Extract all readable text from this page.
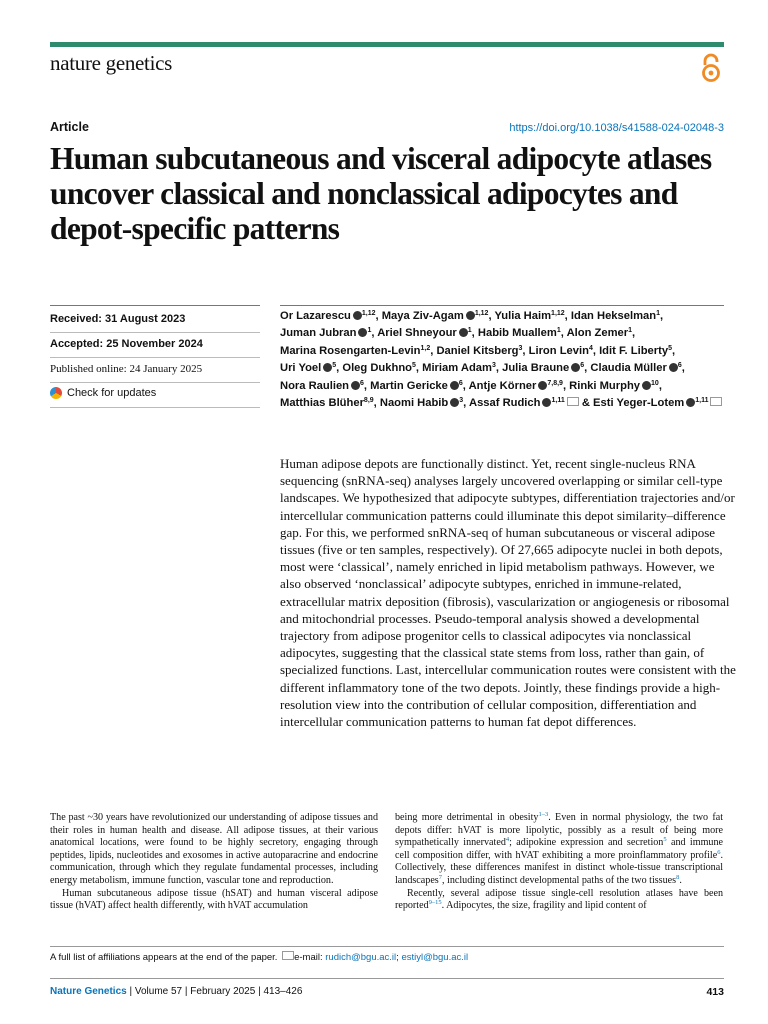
nature genetics
Article	https://doi.org/10.1038/s41588-024-02048-3
Human subcutaneous and visceral adipocyte atlases uncover classical and nonclassical adipocytes and depot-specific patterns
Received: 31 August 2023
Accepted: 25 November 2024
Published online: 24 January 2025
Check for updates
Or Lazarescu $^{1,12}$, Maya Ziv-Agam $^{1,12}$, Yulia Haim$^{1,12}$, Idan Hekselman$^1$, Juman Jubran $^1$, Ariel Shneyour $^1$, Habib Muallem$^1$, Alon Zemer$^1$, Marina Rosengarten-Levin$^{1,2}$, Daniel Kitsberg$^3$, Liron Levin$^4$, Idit F. Liberty$^5$, Uri Yoel $^5$, Oleg Dukhno$^5$, Miriam Adam$^3$, Julia Braune $^6$, Claudia Müller $^6$, Nora Raulien $^6$, Martin Gericke $^6$, Antje Körner $^{7,8,9}$, Rinki Murphy $^{10}$, Matthias Blüher$^{8,9}$, Naomi Habib $^3$, Assaf Rudich $^{1,11}$ & Esti Yeger-Lotem $^{1,11}$

Human adipose depots are functionally distinct. Yet, recent single-nucleus RNA sequencing (snRNA-seq) analyses largely uncovered overlapping or similar cell-type landscapes. We hypothesized that adipocyte subtypes, differentiation trajectories and/or intercellular communication patterns could illuminate this depot similarity–difference gap. For this, we performed snRNA-seq of human subcutaneous or visceral adipose tissues (five or ten samples, respectively). Of 27,665 adipocyte nuclei in both depots, most were ‘classical’, namely enriched in lipid metabolism pathways. However, we also observed ‘nonclassical’ adipocyte subtypes, enriched in immune-related, extracellular matrix deposition (fibrosis), vascularization or angiogenesis or ribosomal and mitochondrial processes. Pseudo-temporal analysis showed a developmental trajectory from adipose progenitor cells to classical adipocytes via nonclassical adipocytes, suggesting that the classical state stems from loss, rather than gain, of specialized functions. Last, intercellular communication routes were consistent with the different inflammatory tone of the two depots. Jointly, these findings provide a high-resolution view into the contribution of cellular composition, differentiation and intercellular communication patterns to human fat depot differences.

The past ~30 years have revolutionized our understanding of adipose tissues and their roles in human health and disease. All adipose tissues, at their various anatomical locations, were found to be highly secretory, engaging through peptides, lipids, nucleotides and exosomes in active autoparacrine and endocrine communication, through which they regulate fundamental processes, including energy metabolism, immune function, vascular tone and reproduction.

Human subcutaneous adipose tissue (hSAT) and human visceral adipose tissue (hVAT) affect health differently, with hVAT accumulation

being more detrimental in obesity$^{1-3}$. Even in normal physiology, the two fat depots differ: hVAT is more lipolytic, possibly as a result of being more sympathetically innervated$^4$; adipokine expression and secretion$^5$ and immune cell composition differ, with hVAT exhibiting a more proinflammatory profile$^6$. Collectively, these differences manifest in distinct whole-tissue transcriptional landscapes$^7$, including distinct developmental paths of the two tissues$^8$.

Recently, several adipose tissue single-cell resolution atlases have been reported$^{9-15}$. Adipocytes, the size, fragility and lipid content of

A full list of affiliations appears at the end of the paper. e-mail: rudich@bgu.ac.il; estiyl@bgu.ac.il
Nature Genetics | Volume 57 | February 2025 | 413–426	413
